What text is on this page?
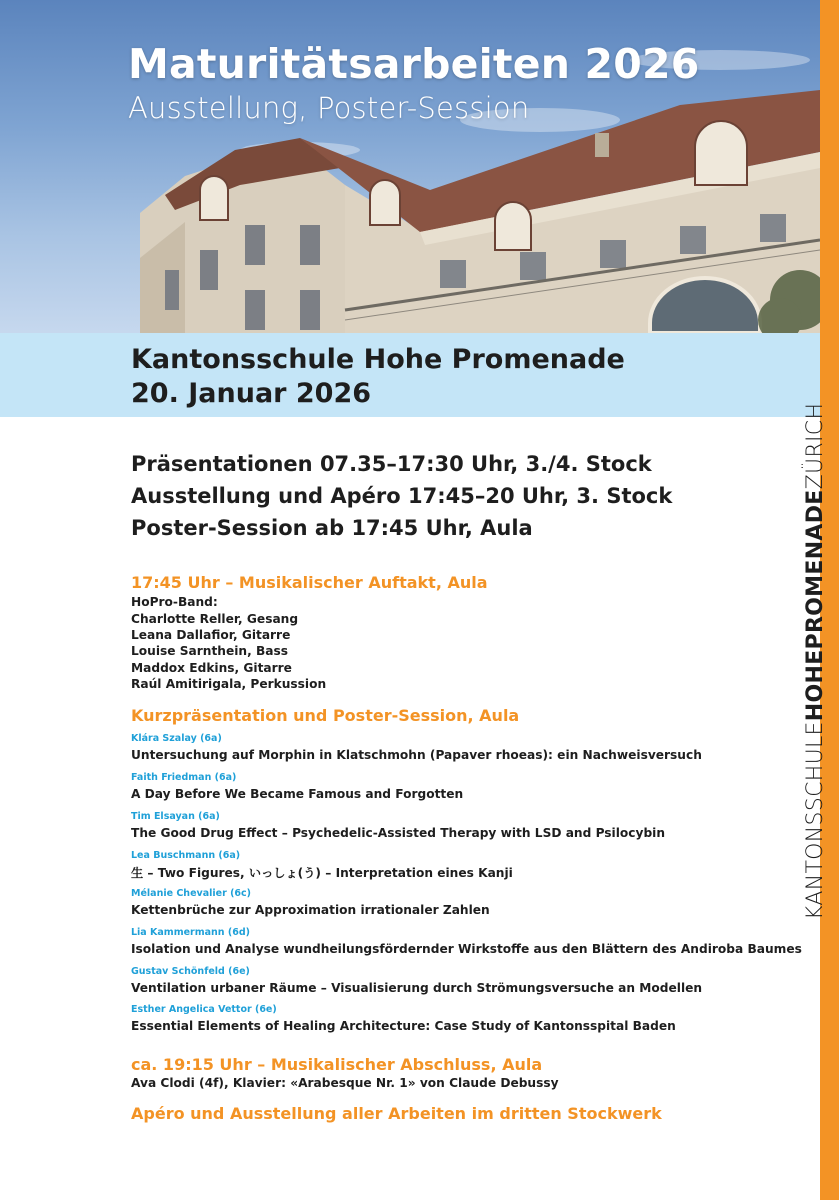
Maturitätsarbeiten 2026
Ausstellung, Poster-Session

Kantonsschule Hohe Promenade

20. Januar 2026

KANTONSSCHULE
HOHEPROMENADE
ZÜRICH

Präsentationen 07.35–17:30 Uhr, 3./4. Stock

Ausstellung und Apéro 17:45–20 Uhr, 3. Stock

Poster-Session ab 17:45 Uhr, Aula

17:45 Uhr – Musikalischer Auftakt, Aula

HoPro-Band:

Charlotte Reller, Gesang

Leana Dallafior, Gitarre

Louise Sarnthein, Bass

Maddox Edkins, Gitarre

Raúl Amitirigala, Perkussion

Kurzpräsentation und Poster-Session, Aula

Klára Szalay (6a)

Untersuchung auf Morphin in Klatschmohn (Papaver rhoeas): ein Nachweisversuch

Faith Friedman (6a)

A Day Before We Became Famous and Forgotten

Tim Elsayan (6a)

The Good Drug Effect – Psychedelic-Assisted Therapy with LSD and Psilocybin

Lea Buschmann (6a)

生 – Two Figures, いっしょ(う) – Interpretation eines Kanji

Mélanie Chevalier (6c)

Kettenbrüche zur Approximation irrationaler Zahlen

Lia Kammermann (6d)

Isolation und Analyse wundheilungsfördernder Wirkstoffe aus den Blättern des Andiroba Baumes

Gustav Schönfeld (6e)

Ventilation urbaner Räume – Visualisierung durch Strömungsversuche an Modellen

Esther Angelica Vettor (6e)

Essential Elements of Healing Architecture: Case Study of Kantonsspital Baden

ca. 19:15 Uhr – Musikalischer Abschluss, Aula

Ava Clodi (4f), Klavier: «Arabesque Nr. 1» von Claude Debussy

Apéro und Ausstellung aller Arbeiten im dritten Stockwerk
